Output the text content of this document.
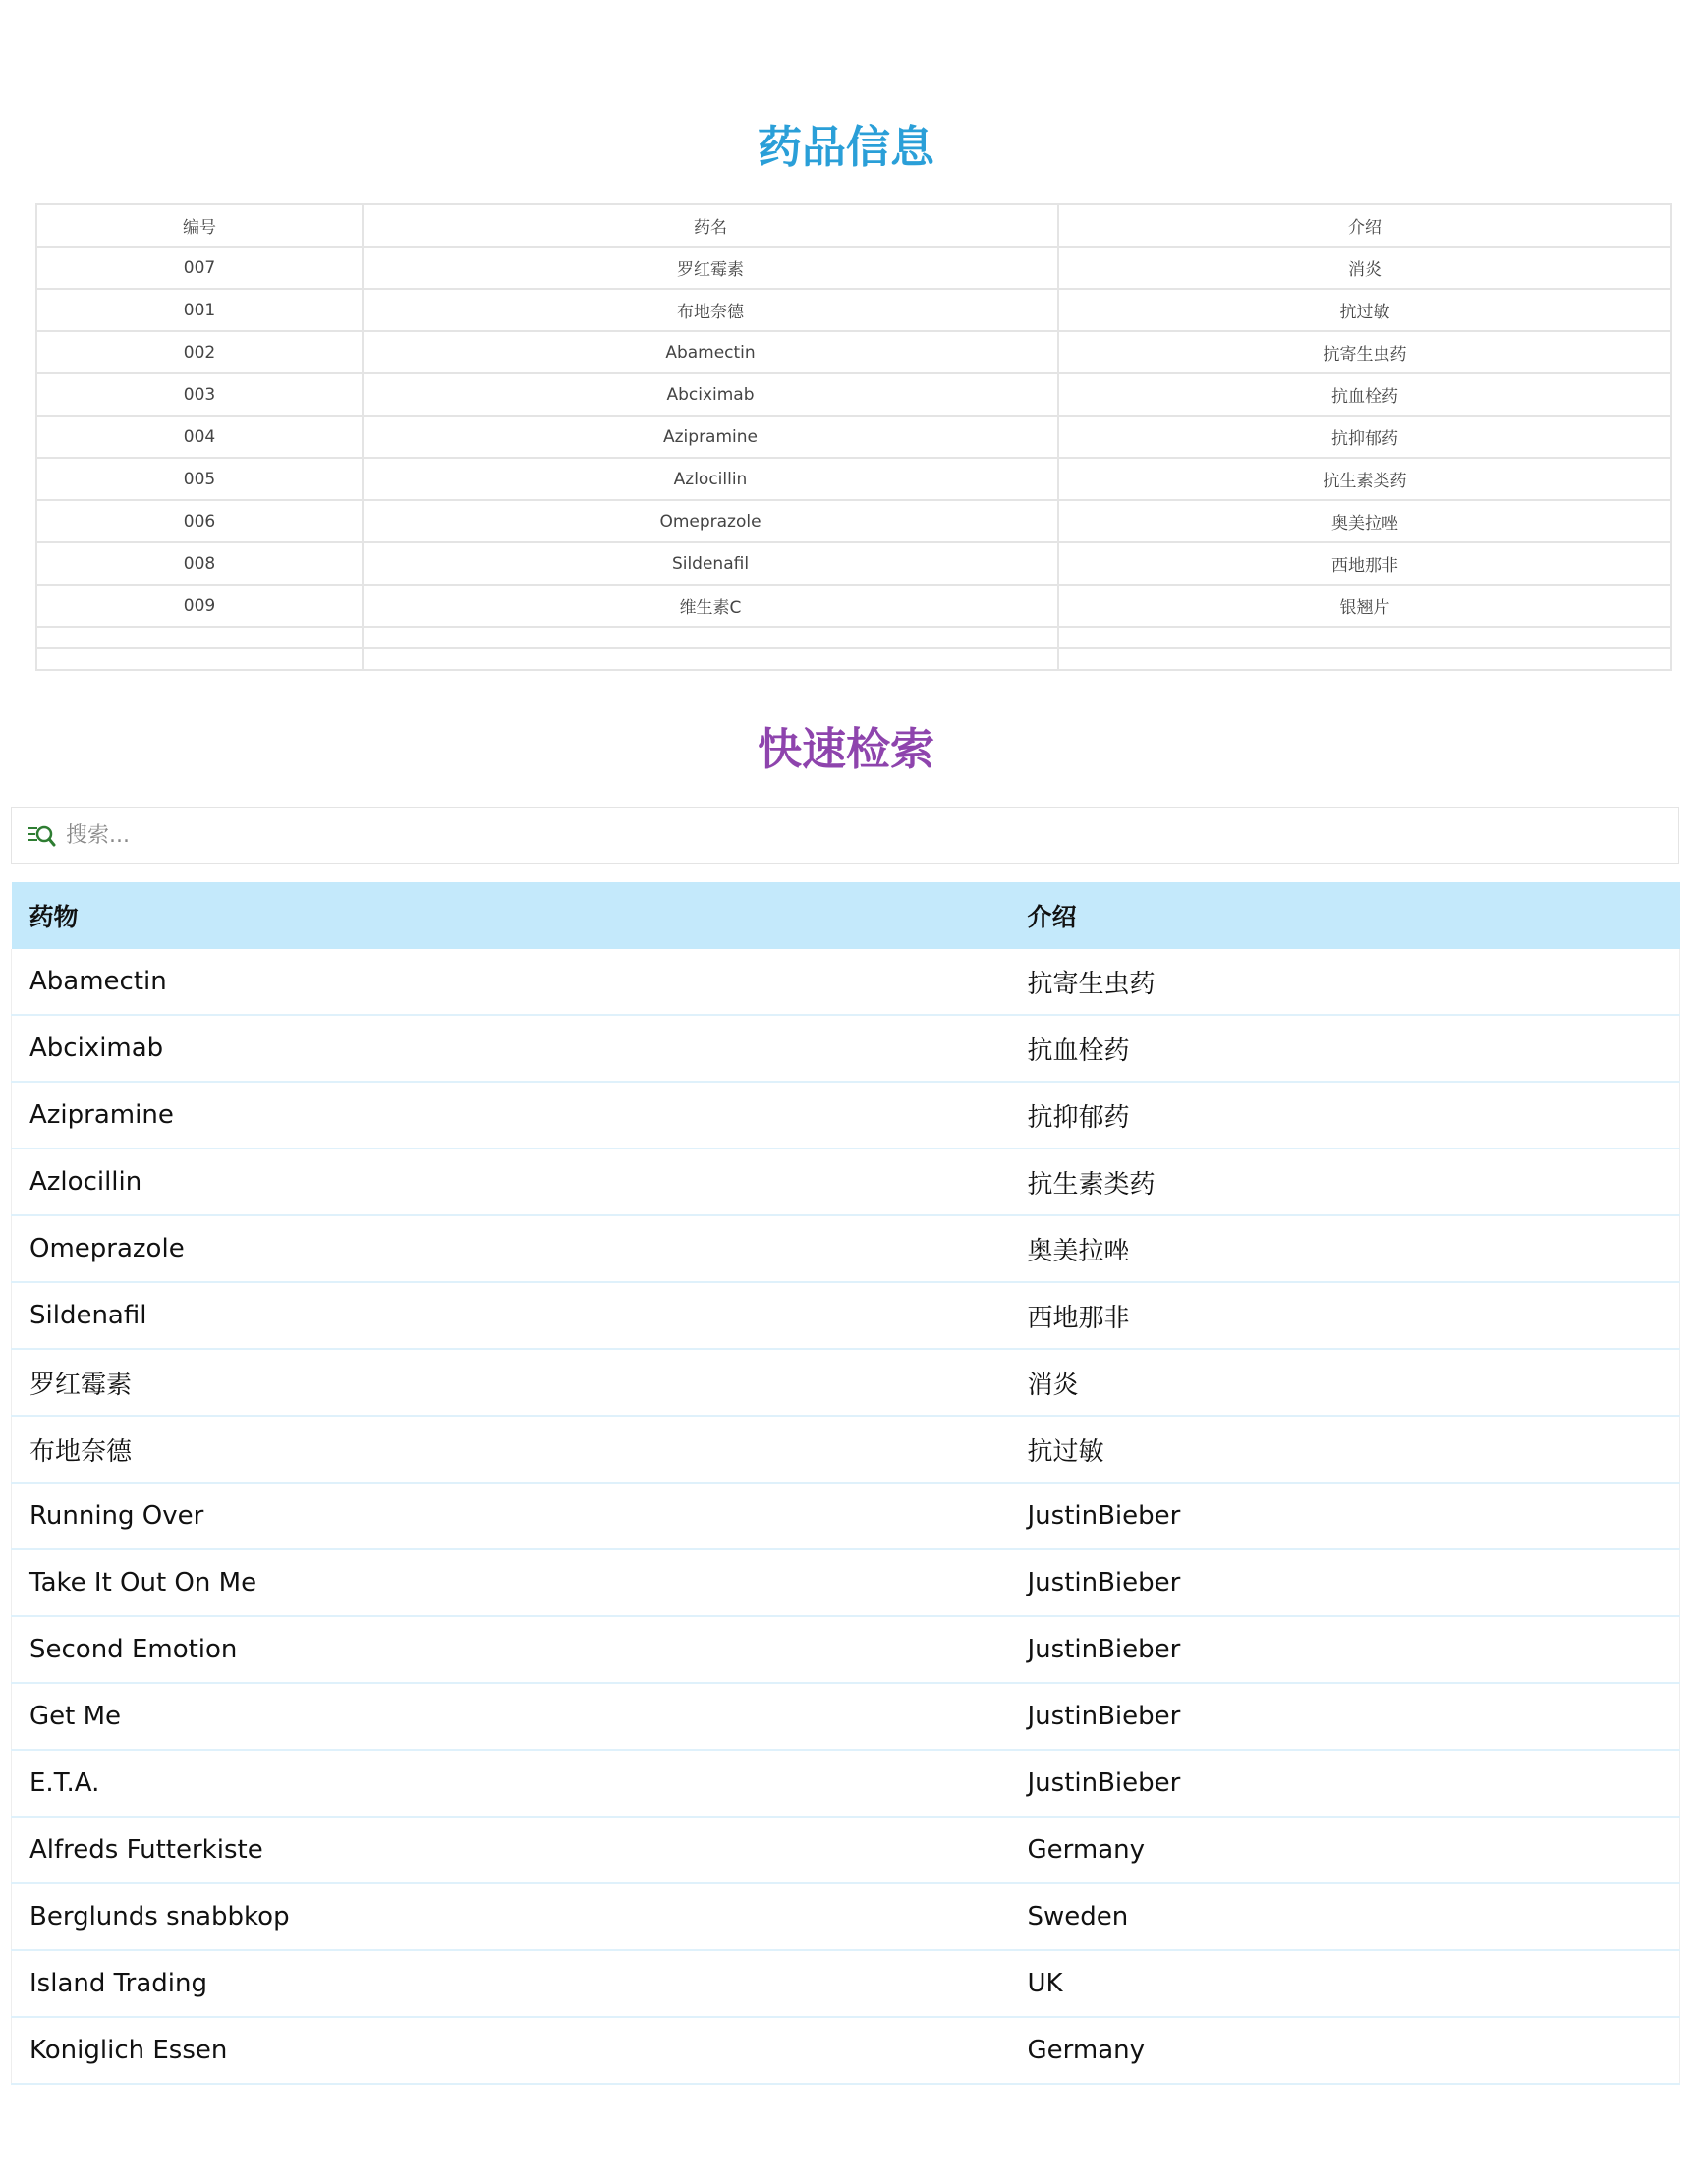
药品信息
编号	药名	介绍
007	罗红霉素	消炎
001	布地奈德	抗过敏
002	Abamectin	抗寄生虫药
003	Abciximab	抗血栓药
004	Azipramine	抗抑郁药
005	Azlocillin	抗生素类药
006	Omeprazole	奥美拉唑
008	Sildenafil	西地那非
009	维生素C	银翘片

快速检索
搜索...
药物	介绍
Abamectin	抗寄生虫药
Abciximab	抗血栓药
Azipramine	抗抑郁药
Azlocillin	抗生素类药
Omeprazole	奥美拉唑
Sildenafil	西地那非
罗红霉素	消炎
布地奈德	抗过敏
Running Over	JustinBieber
Take It Out On Me	JustinBieber
Second Emotion	JustinBieber
Get Me	JustinBieber
E.T.A.	JustinBieber
Alfreds Futterkiste	Germany
Berglunds snabbkop	Sweden
Island Trading	UK
Koniglich Essen	Germany
